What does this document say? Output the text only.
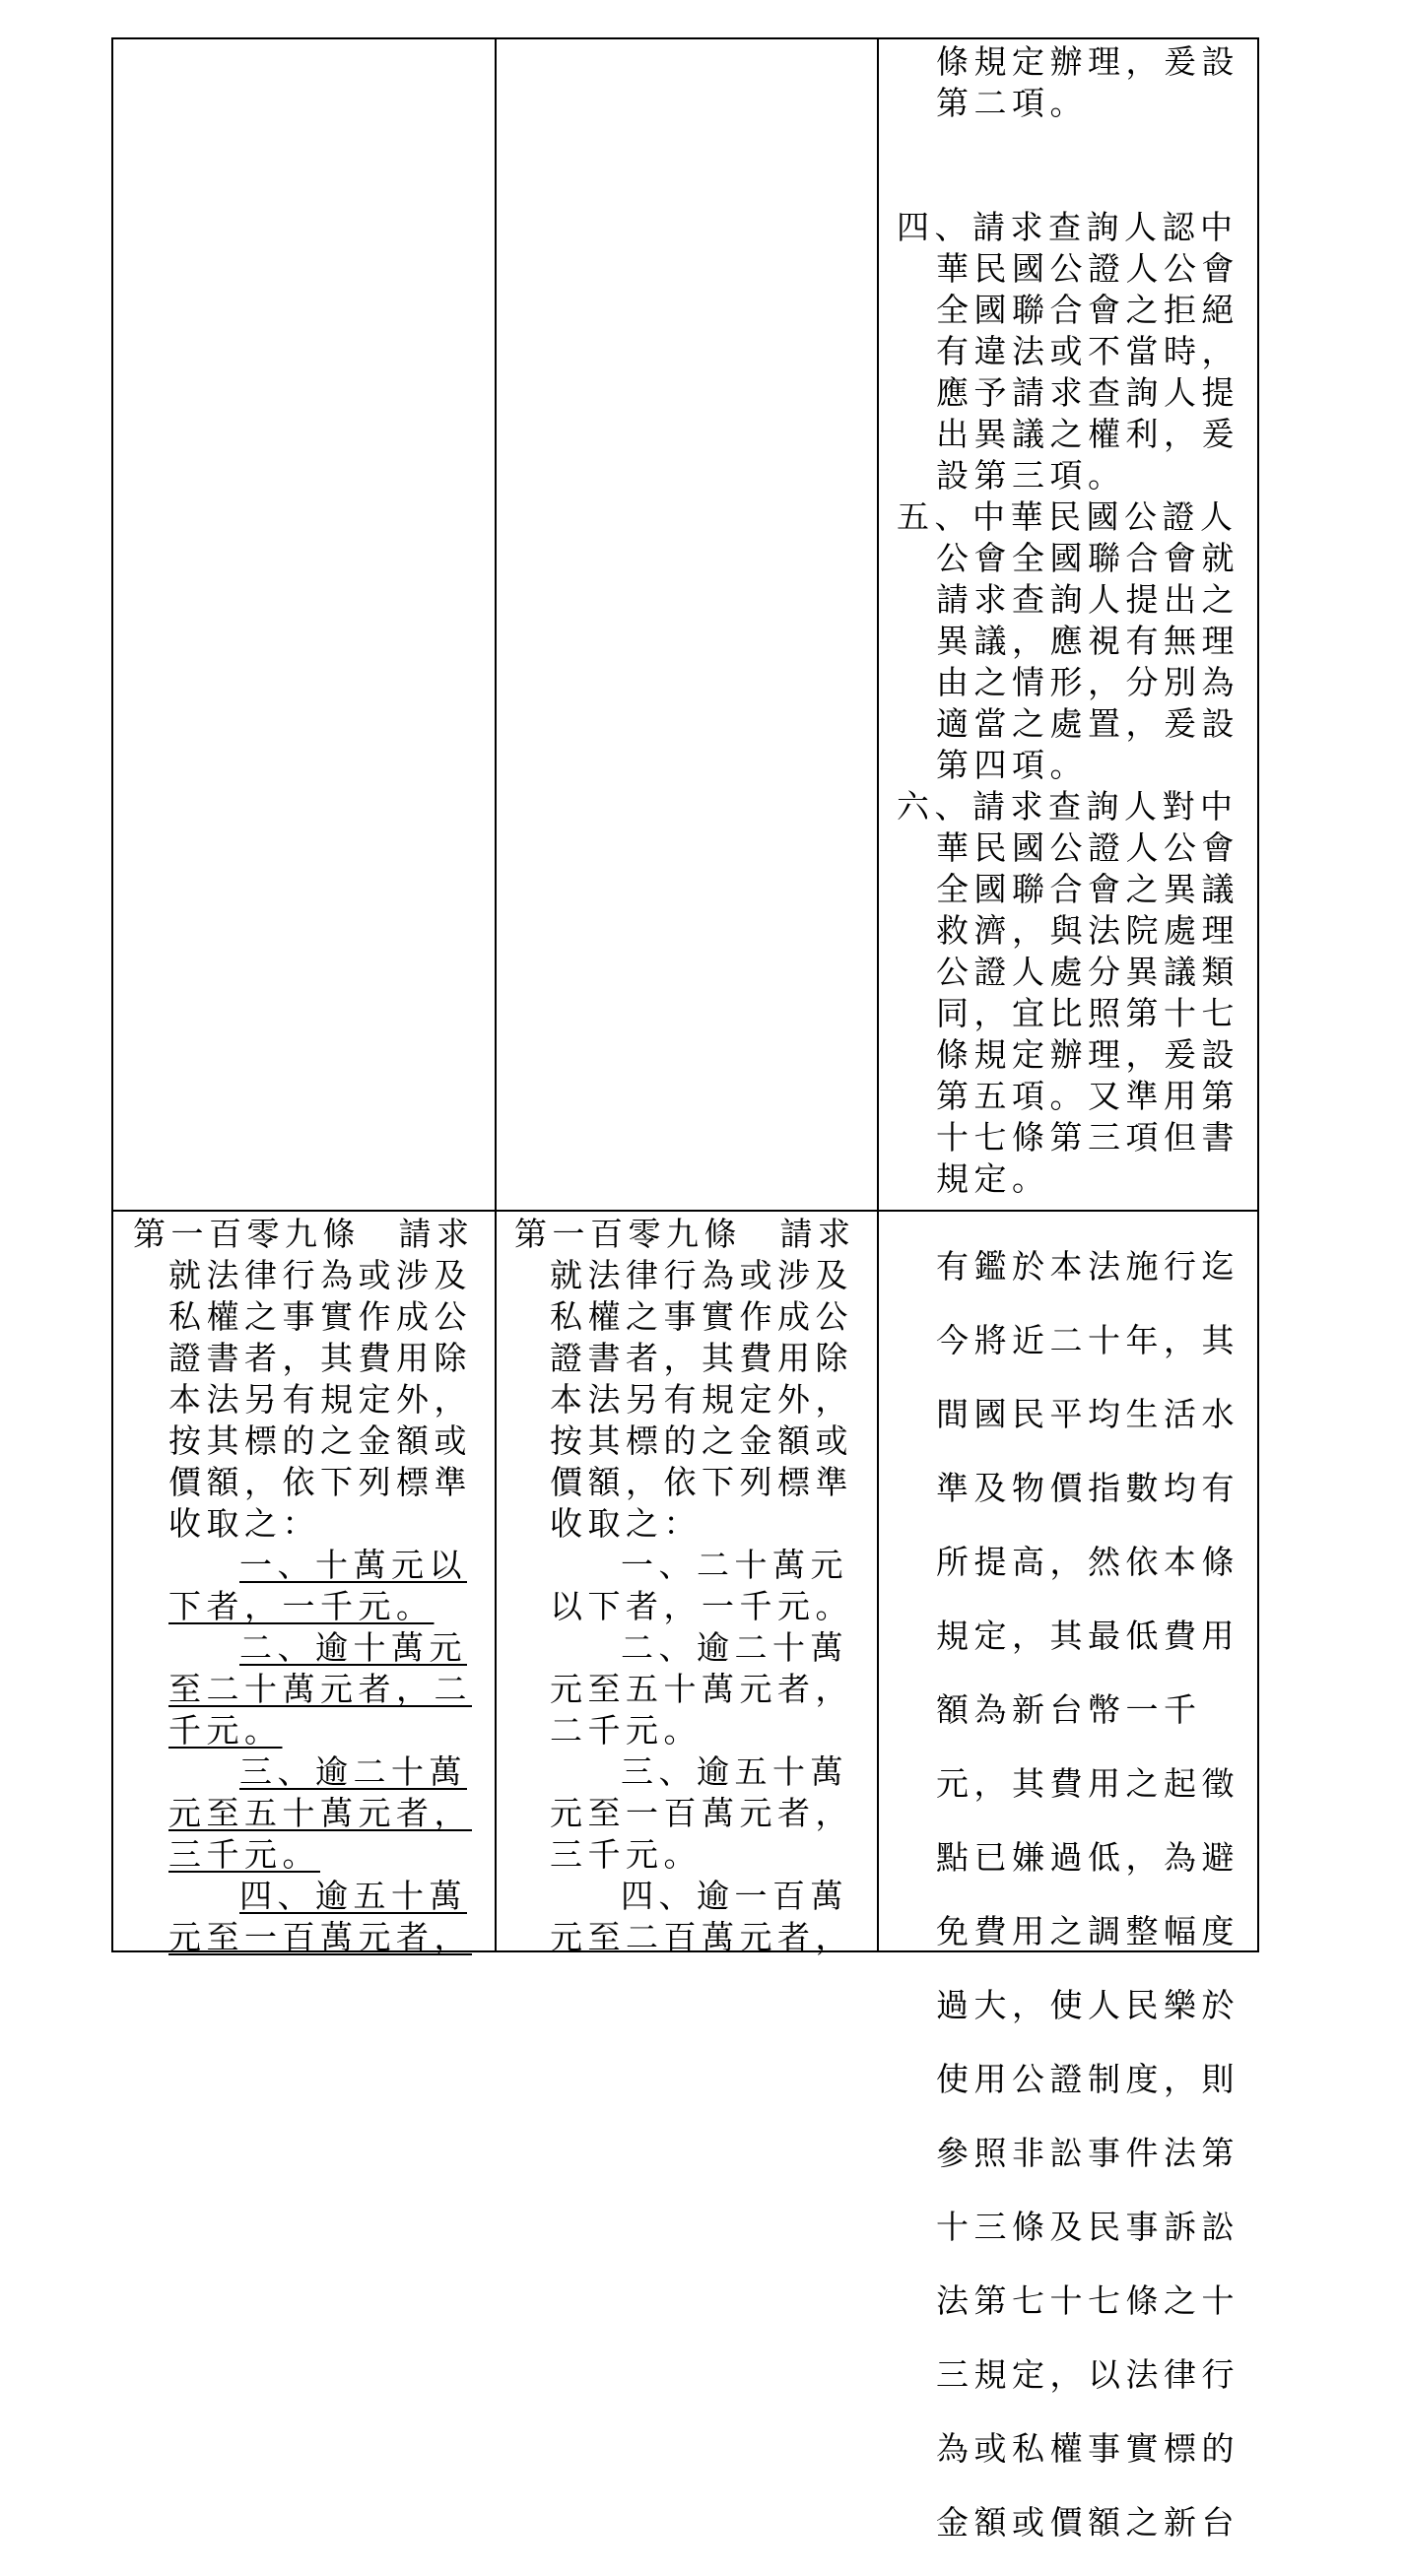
條規定辦理，爰設

第二項。

四、請求查詢人認中

華民國公證人公會

全國聯合會之拒絕

有違法或不當時，

應予請求查詢人提

出異議之權利，爰

設第三項。

五、中華民國公證人

公會全國聯合會就

請求查詢人提出之

異議，應視有無理

由之情形，分別為

適當之處置，爰設

第四項。

六、請求查詢人對中

華民國公證人公會

全國聯合會之異議

救濟，與法院處理

公證人處分異議類

同，宜比照第十七

條規定辦理，爰設

第五項。又準用第

十七條第三項但書

規定。

第一百零九條　請求

就法律行為或涉及

私權之事實作成公

證書者，其費用除

本法另有規定外，

按其標的之金額或

價額，依下列標準

收取之：

一、十萬元以

下者，一千元。

二、逾十萬元

至二十萬元者，二

千元。

三、逾二十萬

元至五十萬元者，

三千元。

四、逾五十萬

元至一百萬元者，

第一百零九條　請求

就法律行為或涉及

私權之事實作成公

證書者，其費用除

本法另有規定外，

按其標的之金額或

價額，依下列標準

收取之：

一、二十萬元

以下者，一千元。

二、逾二十萬

元至五十萬元者，

二千元。

三、逾五十萬

元至一百萬元者，

三千元。

四、逾一百萬

元至二百萬元者，

有鑑於本法施行迄

今將近二十年，其

間國民平均生活水

準及物價指數均有

所提高，然依本條

規定，其最低費用

額為新台幣一千

元，其費用之起徵

點已嫌過低，為避

免費用之調整幅度

過大，使人民樂於

使用公證制度，則

參照非訟事件法第

十三條及民事訴訟

法第七十七條之十

三規定，以法律行

為或私權事實標的

金額或價額之新台
